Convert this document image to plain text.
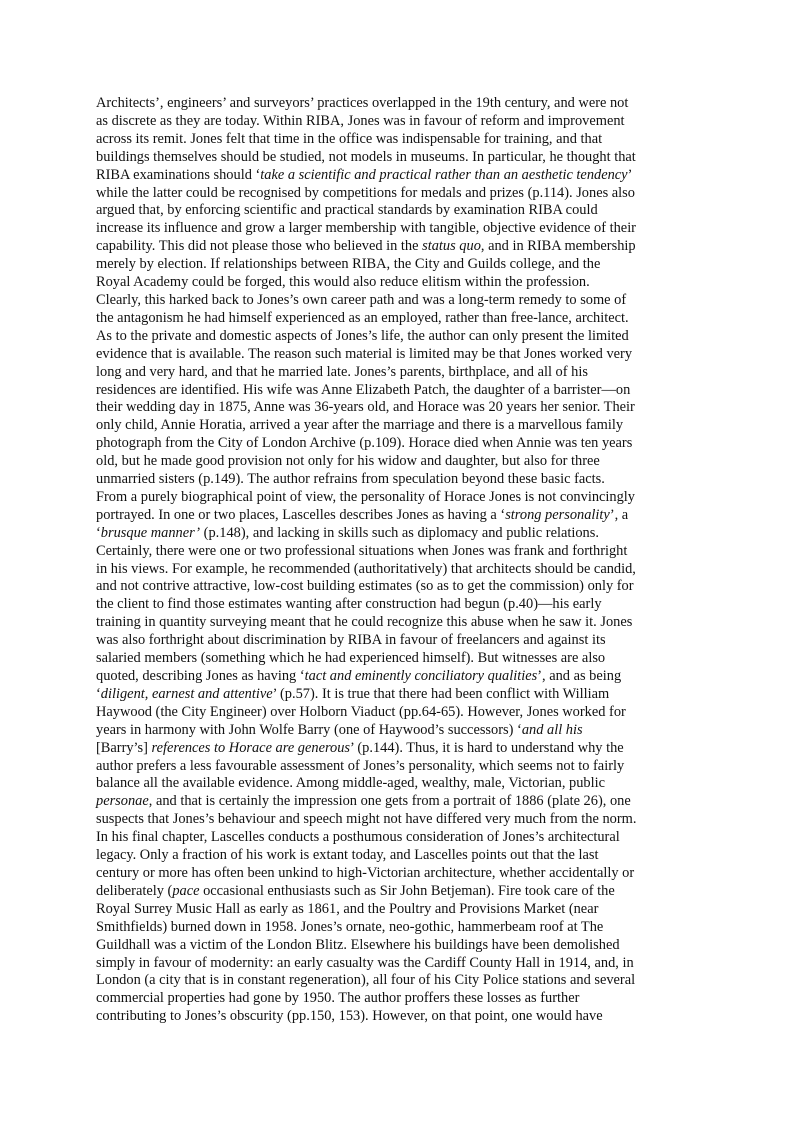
Architects’, engineers’ and surveyors’ practices overlapped in the 19th century, and were not
as discrete as they are today. Within RIBA, Jones was in favour of reform and improvement
across its remit. Jones felt that time in the office was indispensable for training, and that
buildings themselves should be studied, not models in museums. In particular, he thought that
RIBA examinations should ‘take a scientific and practical rather than an aesthetic tendency’
while the latter could be recognised by competitions for medals and prizes (p.114). Jones also
argued that, by enforcing scientific and practical standards by examination RIBA could
increase its influence and grow a larger membership with tangible, objective evidence of their
capability. This did not please those who believed in the status quo, and in RIBA membership
merely by election. If relationships between RIBA, the City and Guilds college, and the
Royal Academy could be forged, this would also reduce elitism within the profession.
Clearly, this harked back to Jones’s own career path and was a long-term remedy to some of
the antagonism he had himself experienced as an employed, rather than free-lance, architect.
As to the private and domestic aspects of Jones’s life, the author can only present the limited
evidence that is available. The reason such material is limited may be that Jones worked very
long and very hard, and that he married late. Jones’s parents, birthplace, and all of his
residences are identified. His wife was Anne Elizabeth Patch, the daughter of a barrister—on
their wedding day in 1875, Anne was 36-years old, and Horace was 20 years her senior. Their
only child, Annie Horatia, arrived a year after the marriage and there is a marvellous family
photograph from the City of London Archive (p.109). Horace died when Annie was ten years
old, but he made good provision not only for his widow and daughter, but also for three
unmarried sisters (p.149). The author refrains from speculation beyond these basic facts.
From a purely biographical point of view, the personality of Horace Jones is not convincingly
portrayed. In one or two places, Lascelles describes Jones as having a ‘strong personality’, a
‘brusque manner’ (p.148), and lacking in skills such as diplomacy and public relations.
Certainly, there were one or two professional situations when Jones was frank and forthright
in his views. For example, he recommended (authoritatively) that architects should be candid,
and not contrive attractive, low-cost building estimates (so as to get the commission) only for
the client to find those estimates wanting after construction had begun (p.40)—his early
training in quantity surveying meant that he could recognize this abuse when he saw it. Jones
was also forthright about discrimination by RIBA in favour of freelancers and against its
salaried members (something which he had experienced himself). But witnesses are also
quoted, describing Jones as having ‘tact and eminently conciliatory qualities’, and as being
‘diligent, earnest and attentive’ (p.57). It is true that there had been conflict with William
Haywood (the City Engineer) over Holborn Viaduct (pp.64-65). However, Jones worked for
years in harmony with John Wolfe Barry (one of Haywood’s successors) ‘and all his
[Barry’s] references to Horace are generous’ (p.144). Thus, it is hard to understand why the
author prefers a less favourable assessment of Jones’s personality, which seems not to fairly
balance all the available evidence. Among middle-aged, wealthy, male, Victorian, public
personae, and that is certainly the impression one gets from a portrait of 1886 (plate 26), one
suspects that Jones’s behaviour and speech might not have differed very much from the norm.
In his final chapter, Lascelles conducts a posthumous consideration of Jones’s architectural
legacy. Only a fraction of his work is extant today, and Lascelles points out that the last
century or more has often been unkind to high-Victorian architecture, whether accidentally or
deliberately (pace occasional enthusiasts such as Sir John Betjeman). Fire took care of the
Royal Surrey Music Hall as early as 1861, and the Poultry and Provisions Market (near
Smithfields) burned down in 1958. Jones’s ornate, neo-gothic, hammerbeam roof at The
Guildhall was a victim of the London Blitz. Elsewhere his buildings have been demolished
simply in favour of modernity: an early casualty was the Cardiff County Hall in 1914, and, in
London (a city that is in constant regeneration), all four of his City Police stations and several
commercial properties had gone by 1950. The author proffers these losses as further
contributing to Jones’s obscurity (pp.150, 153). However, on that point, one would have
